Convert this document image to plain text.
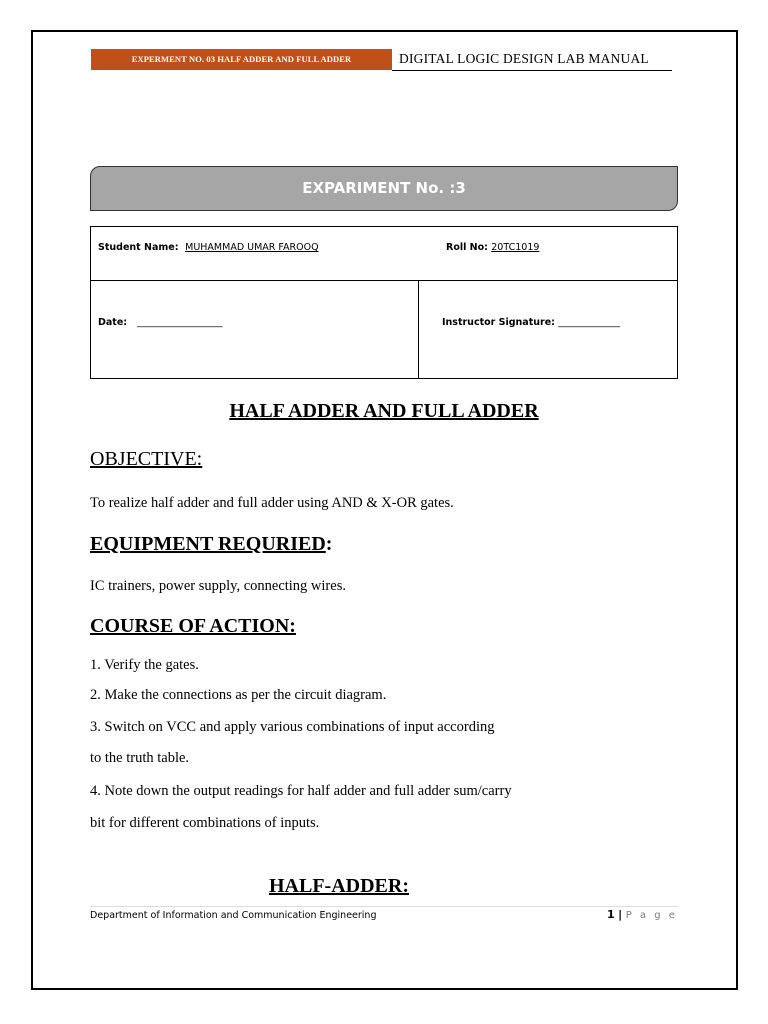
EXPERMENT NO. 03 HALF ADDER AND FULL ADDER	DIGITAL LOGIC DESIGN LAB MANUAL
EXPARIMENT No. :3
Student Name: MUHAMMAD UMAR FAROOQ	Roll No: 20TC1019
Date: __________________	Instructor Signature: _____________
HALF ADDER AND FULL ADDER
OBJECTIVE:
To realize half adder and full adder using AND & X-OR gates.
EQUIPMENT REQURIED:
IC trainers, power supply, connecting wires.
COURSE OF ACTION:
1. Verify the gates.
2. Make the connections as per the circuit diagram.
3. Switch on VCC and apply various combinations of input according
to the truth table.
4. Note down the output readings for half adder and full adder sum/carry
bit for different combinations of inputs.
HALF-ADDER:
Department of Information and Communication Engineering	1 | P a g e
